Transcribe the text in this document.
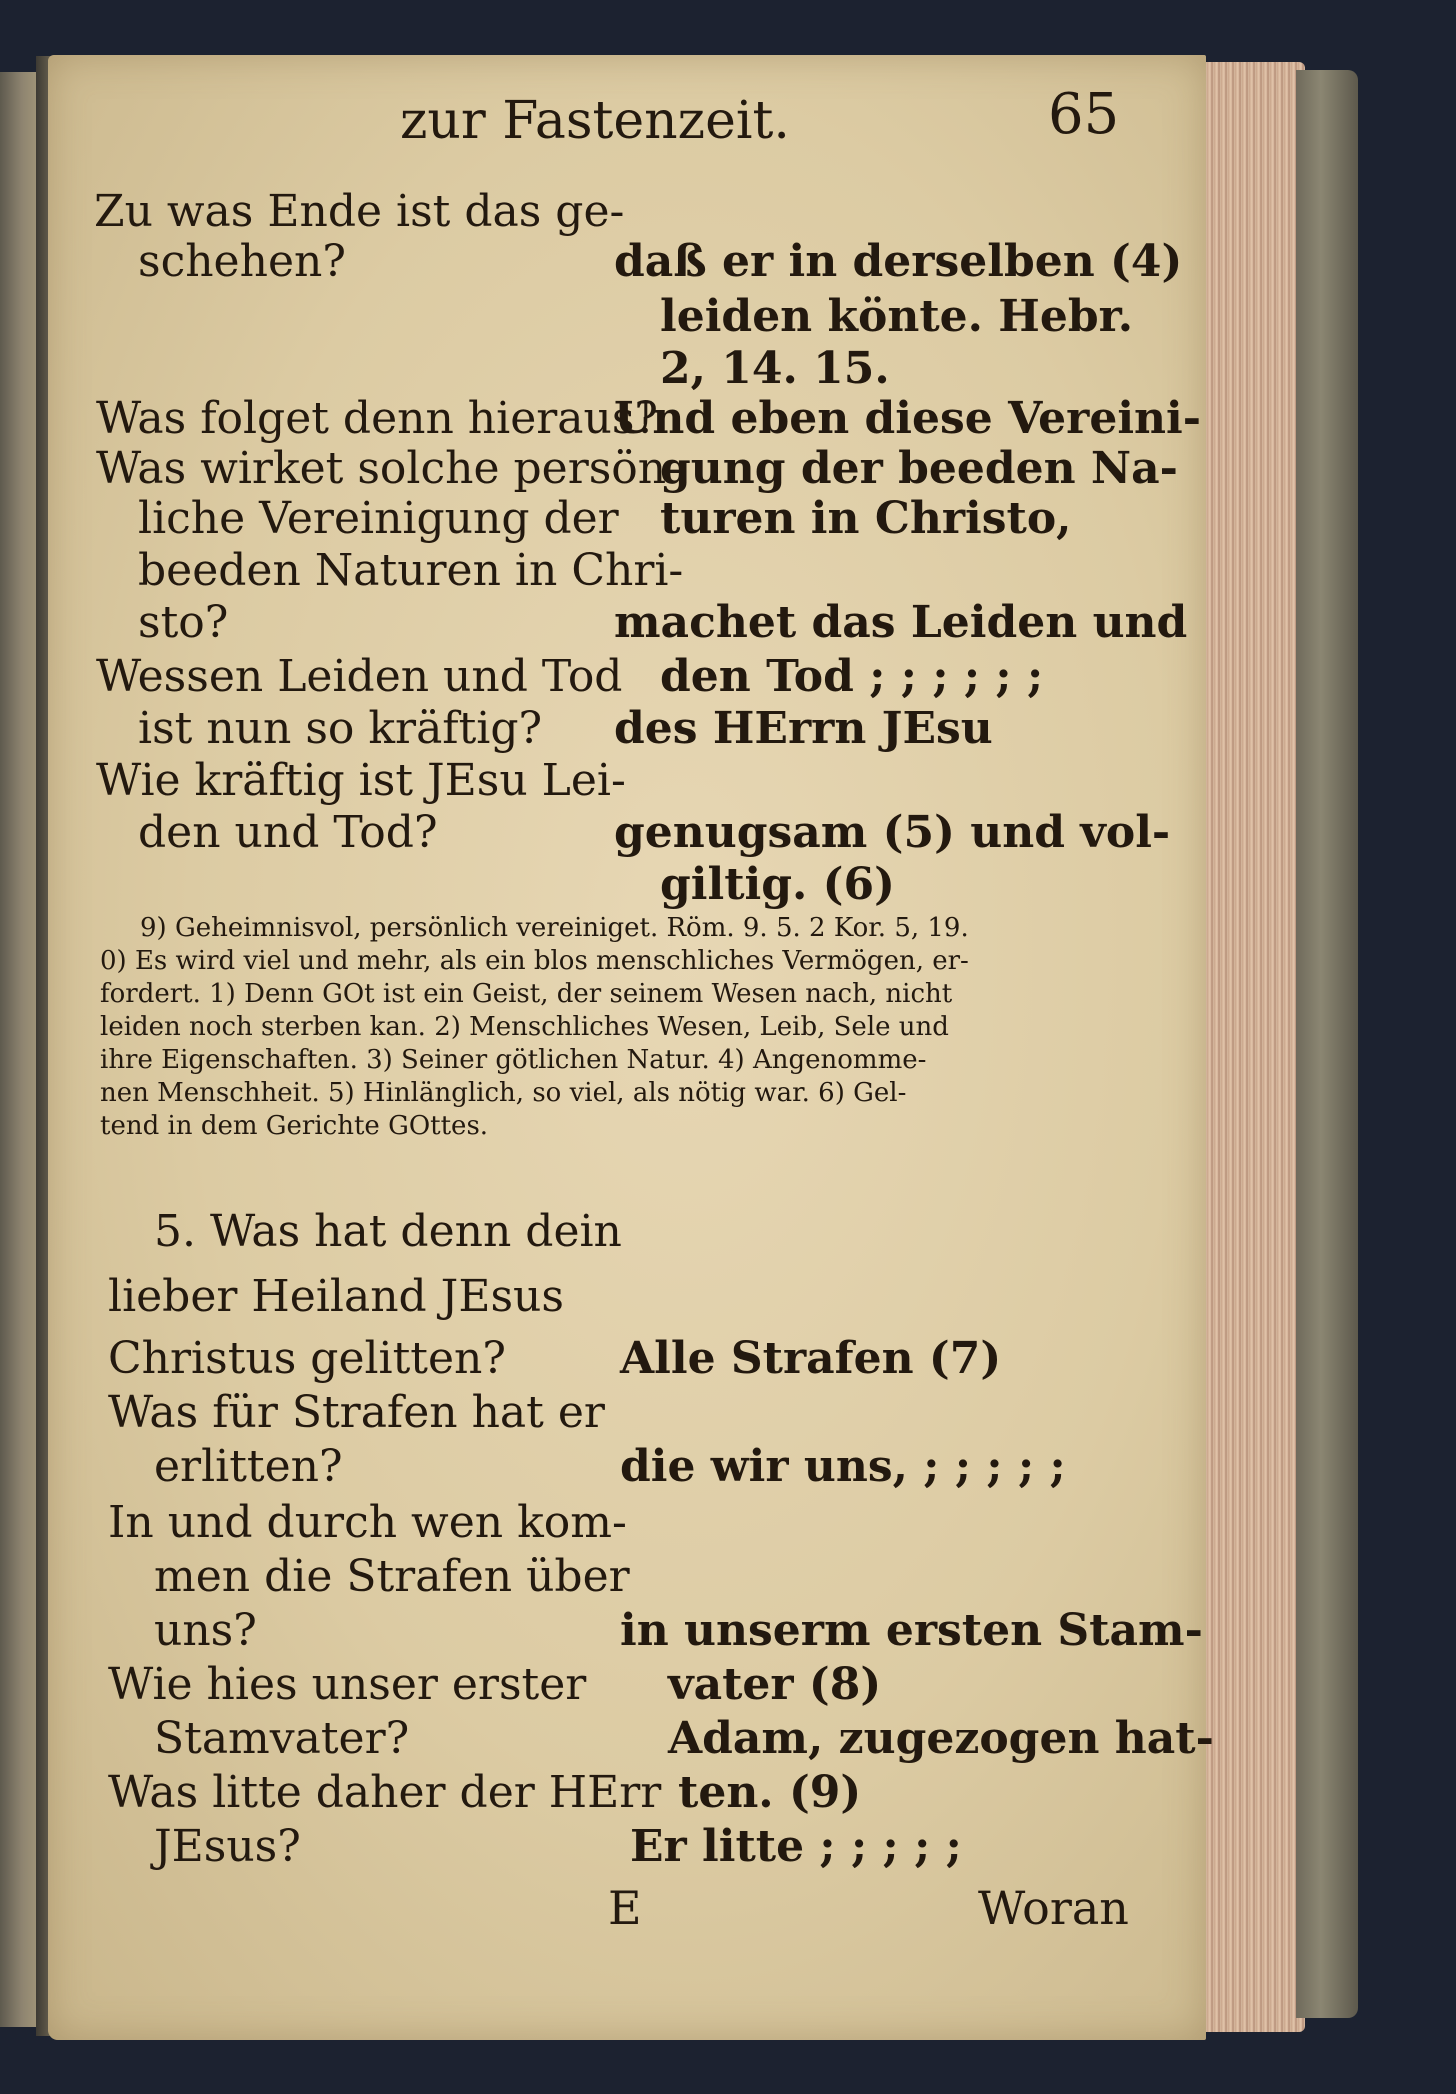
zur Fastenzeit.	65
Zu was Ende ist das ge-
schehen?
Was folget denn hieraus?
Was wirket solche persön-
liche Vereinigung der
beeden Naturen in Chri-
sto?
Wessen Leiden und Tod
ist nun so kräftig?
Wie kräftig ist JEsu Lei-
den und Tod?
daß er in derselben (4)
leiden könte. Hebr.
2, 14. 15.
Und eben diese Vereini-
gung der beeden Na-
turen in Christo,
machet das Leiden und
den Tod ; ; ; ; ; ;
des HErrn JEsu
genugsam (5) und vol-
giltig. (6)
9) Geheimnisvol, persönlich vereiniget. Röm. 9. 5. 2 Kor. 5, 19.
0) Es wird viel und mehr, als ein blos menschliches Vermögen, er-
fordert. 1) Denn GOt ist ein Geist, der seinem Wesen nach, nicht
leiden noch sterben kan. 2) Menschliches Wesen, Leib, Sele und
ihre Eigenschaften. 3) Seiner götlichen Natur. 4) Angenomme-
nen Menschheit. 5) Hinlänglich, so viel, als nötig war. 6) Gel-
tend in dem Gerichte GOttes.
5. Was hat denn dein
lieber Heiland JEsus
Christus gelitten?
Was für Strafen hat er
erlitten?
In und durch wen kom-
men die Strafen über
uns?
Wie hies unser erster
Stamvater?
Was litte daher der HErr
JEsus?
Alle Strafen (7)
die wir uns, ; ; ; ; ;
in unserm ersten Stam-
vater (8)
Adam, zugezogen hat-
ten. (9)
Er litte ; ; ; ; ;
E	Woran
